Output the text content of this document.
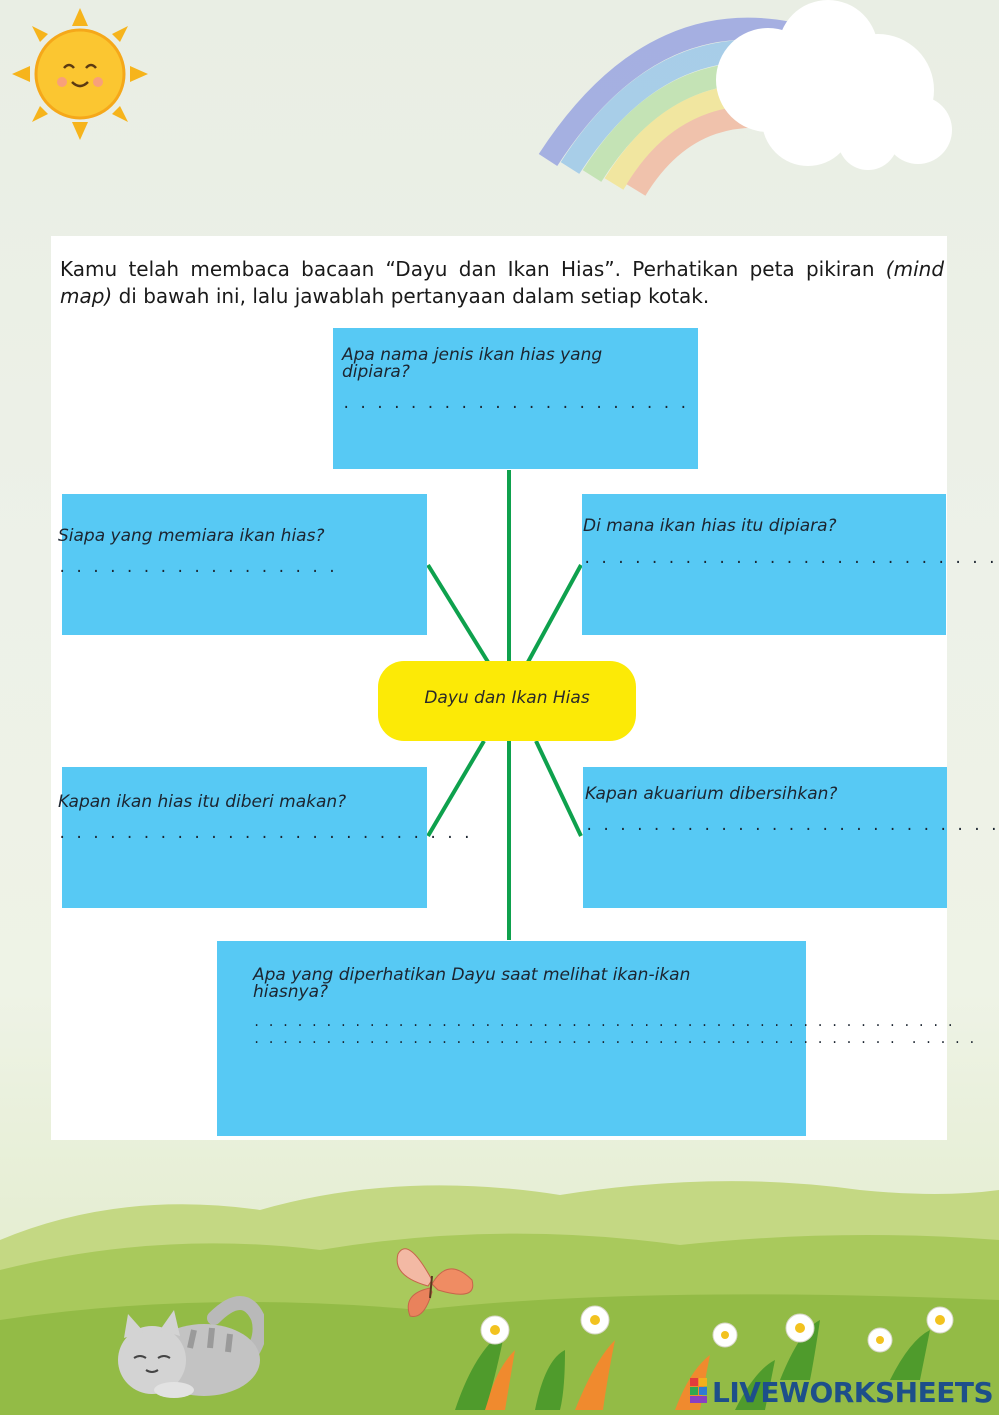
Kamu telah membaca bacaan “Dayu dan Ikan Hias”. Perhatikan peta pikiran (mind map) di bawah ini, lalu jawablah pertanyaan dalam setiap kotak.
Apa nama jenis ikan hias yang
dipiara?
. . . . . . . . . . . . . . . . . . . . .
Siapa yang memiara ikan hias?
. . . . . . . . . . . . . . . . .
Di mana ikan hias itu dipiara?
. . . . . . . . . . . . . . . . . . . . . . . . .
Dayu dan Ikan Hias
Kapan ikan hias itu diberi makan?
. . . . . . . . . . . . . . . . . . . . . . . . .
Kapan akuarium dibersihkan?
. . . . . . . . . . . . . . . . . . . . . . . . .
Apa yang diperhatikan Dayu saat melihat ikan-ikan
hiasnya?
. . . . . . . . . . . . . . . . . . . . . . . . . . . . . . . . . . . . . . . . . . . . . . . . .
. . . . . . . . . . . . . . . . . . . . . . . . . . . . . . . . . . . . . . . . . . . . .  . . . . .
LIVEWORKSHEETS
